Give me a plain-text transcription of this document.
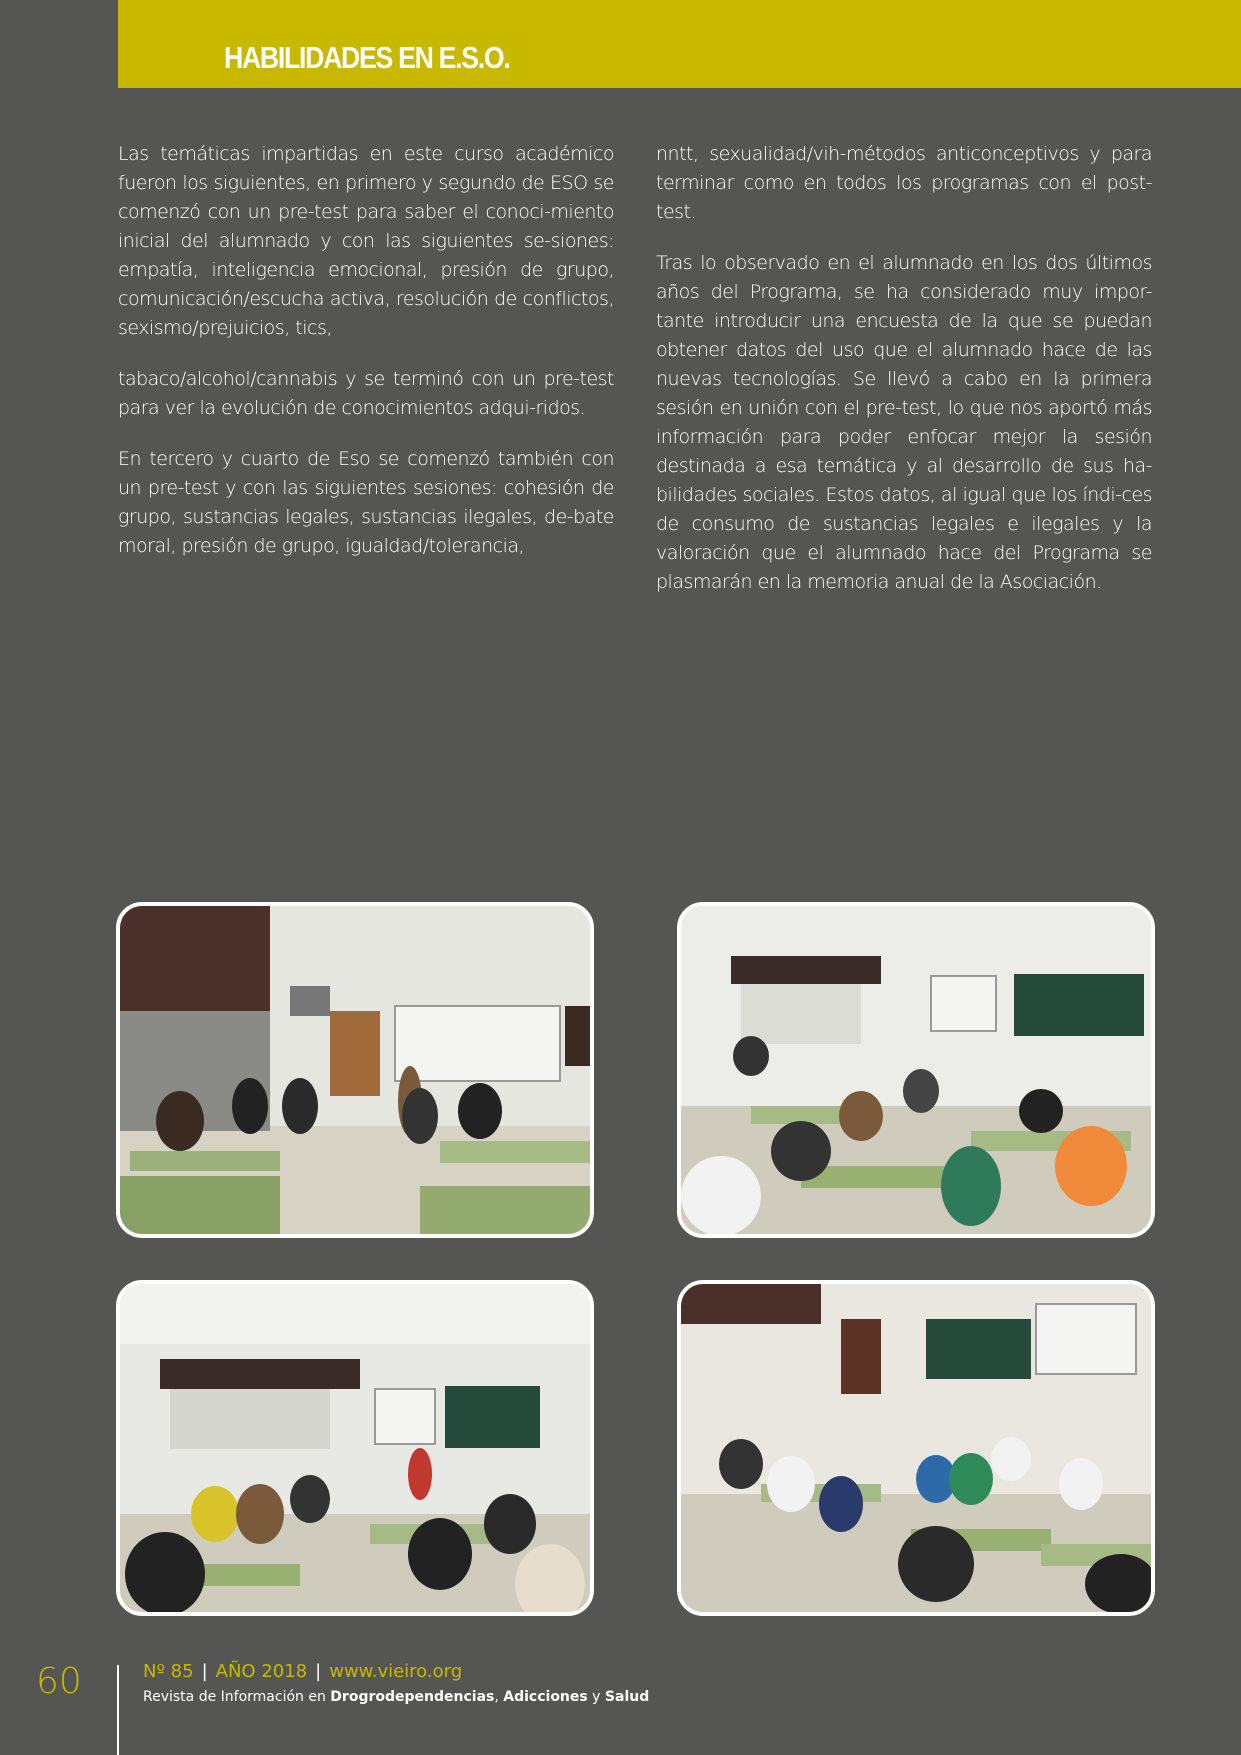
HABILIDADES EN E.S.O.

Las temáticas impartidas en este curso académico fueron los siguientes, en primero y segundo de ESO se comenzó con un pre-test para saber el conoci-miento inicial del alumnado y con las siguientes se-siones: empatía, inteligencia emocional, presión de grupo, comunicación/escucha activa, resolución de conflictos, sexismo/prejuicios, tics,

tabaco/alcohol/cannabis y se terminó con un pre-test para ver la evolución de conocimientos adqui-ridos.

En tercero y cuarto de Eso se comenzó también con un pre-test y con las siguientes sesiones: cohesión de grupo, sustancias legales, sustancias ilegales, de-bate moral, presión de grupo, igualdad/tolerancia,

nntt, sexualidad/vih-métodos anticonceptivos y para terminar como en todos los programas con el post-test.

Tras lo observado en el alumnado en los dos últimos años del Programa, se ha considerado muy impor-tante introducir una encuesta de la que se puedan obtener datos del uso que el alumnado hace de las nuevas tecnologías. Se llevó a cabo en la primera sesión en unión con el pre-test, lo que nos aportó más información para poder enfocar mejor la sesión destinada a esa temática y al desarrollo de sus ha-bilidades sociales. Estos datos, al igual que los índi-ces de consumo de sustancias legales e ilegales y la valoración que el alumnado hace del Programa se plasmarán en la memoria anual de la Asociación.

60	Nº 85 | AÑO 2018 | www.vieiro.org
Revista de Información en Drogrodependencias, Adicciones y Salud
